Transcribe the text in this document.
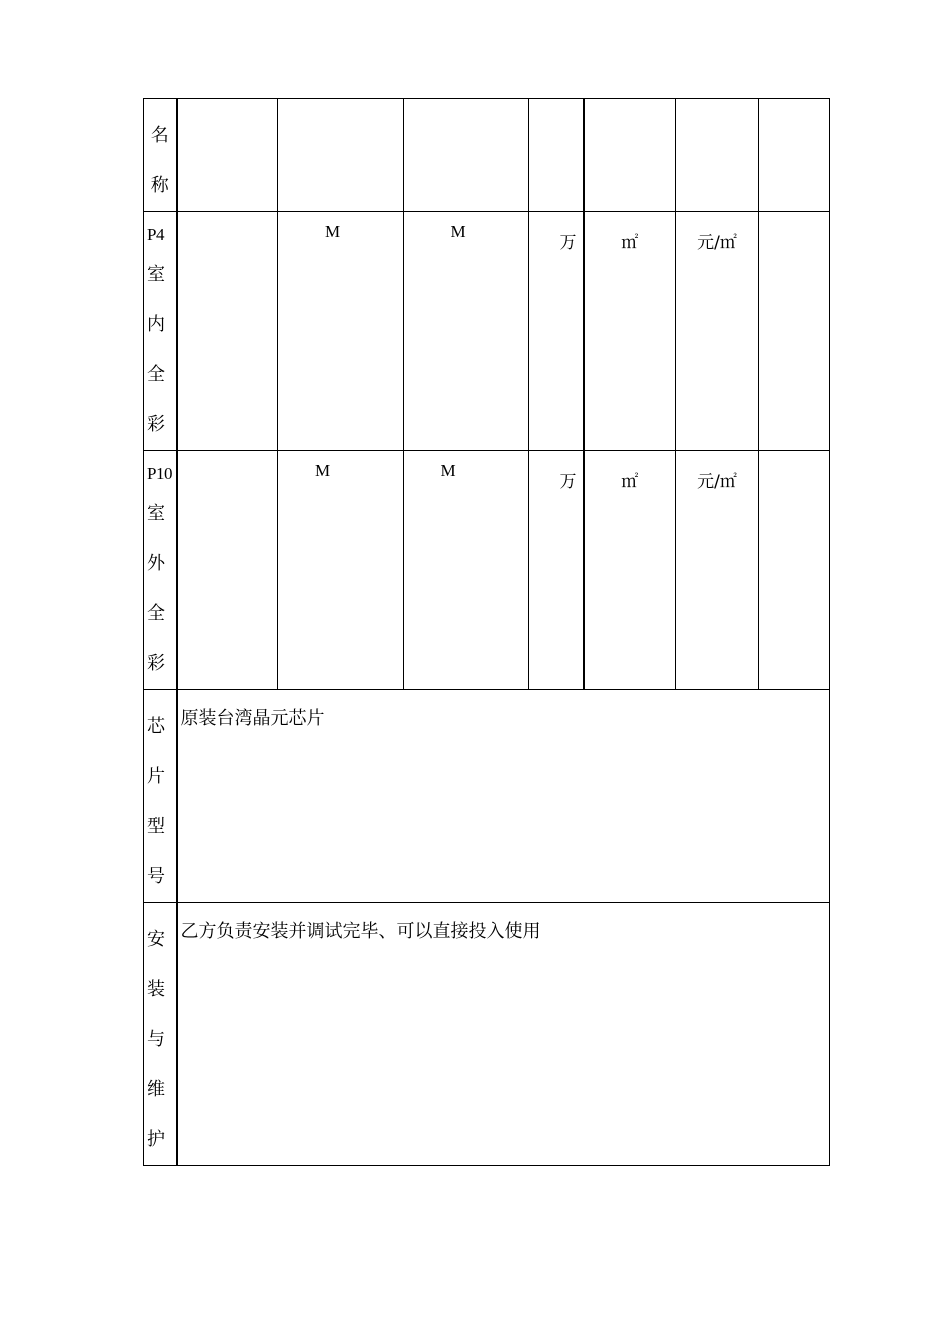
名
称							

P4
室
内
全
彩		M	M	万	㎡	元/㎡	

P10
室
外
全
彩		M	M	万	㎡	元/㎡	

芯
片
型
号	原装台湾晶元芯片						

安
装
与
维
护	乙方负责安装并调试完毕、可以直接投入使用						
